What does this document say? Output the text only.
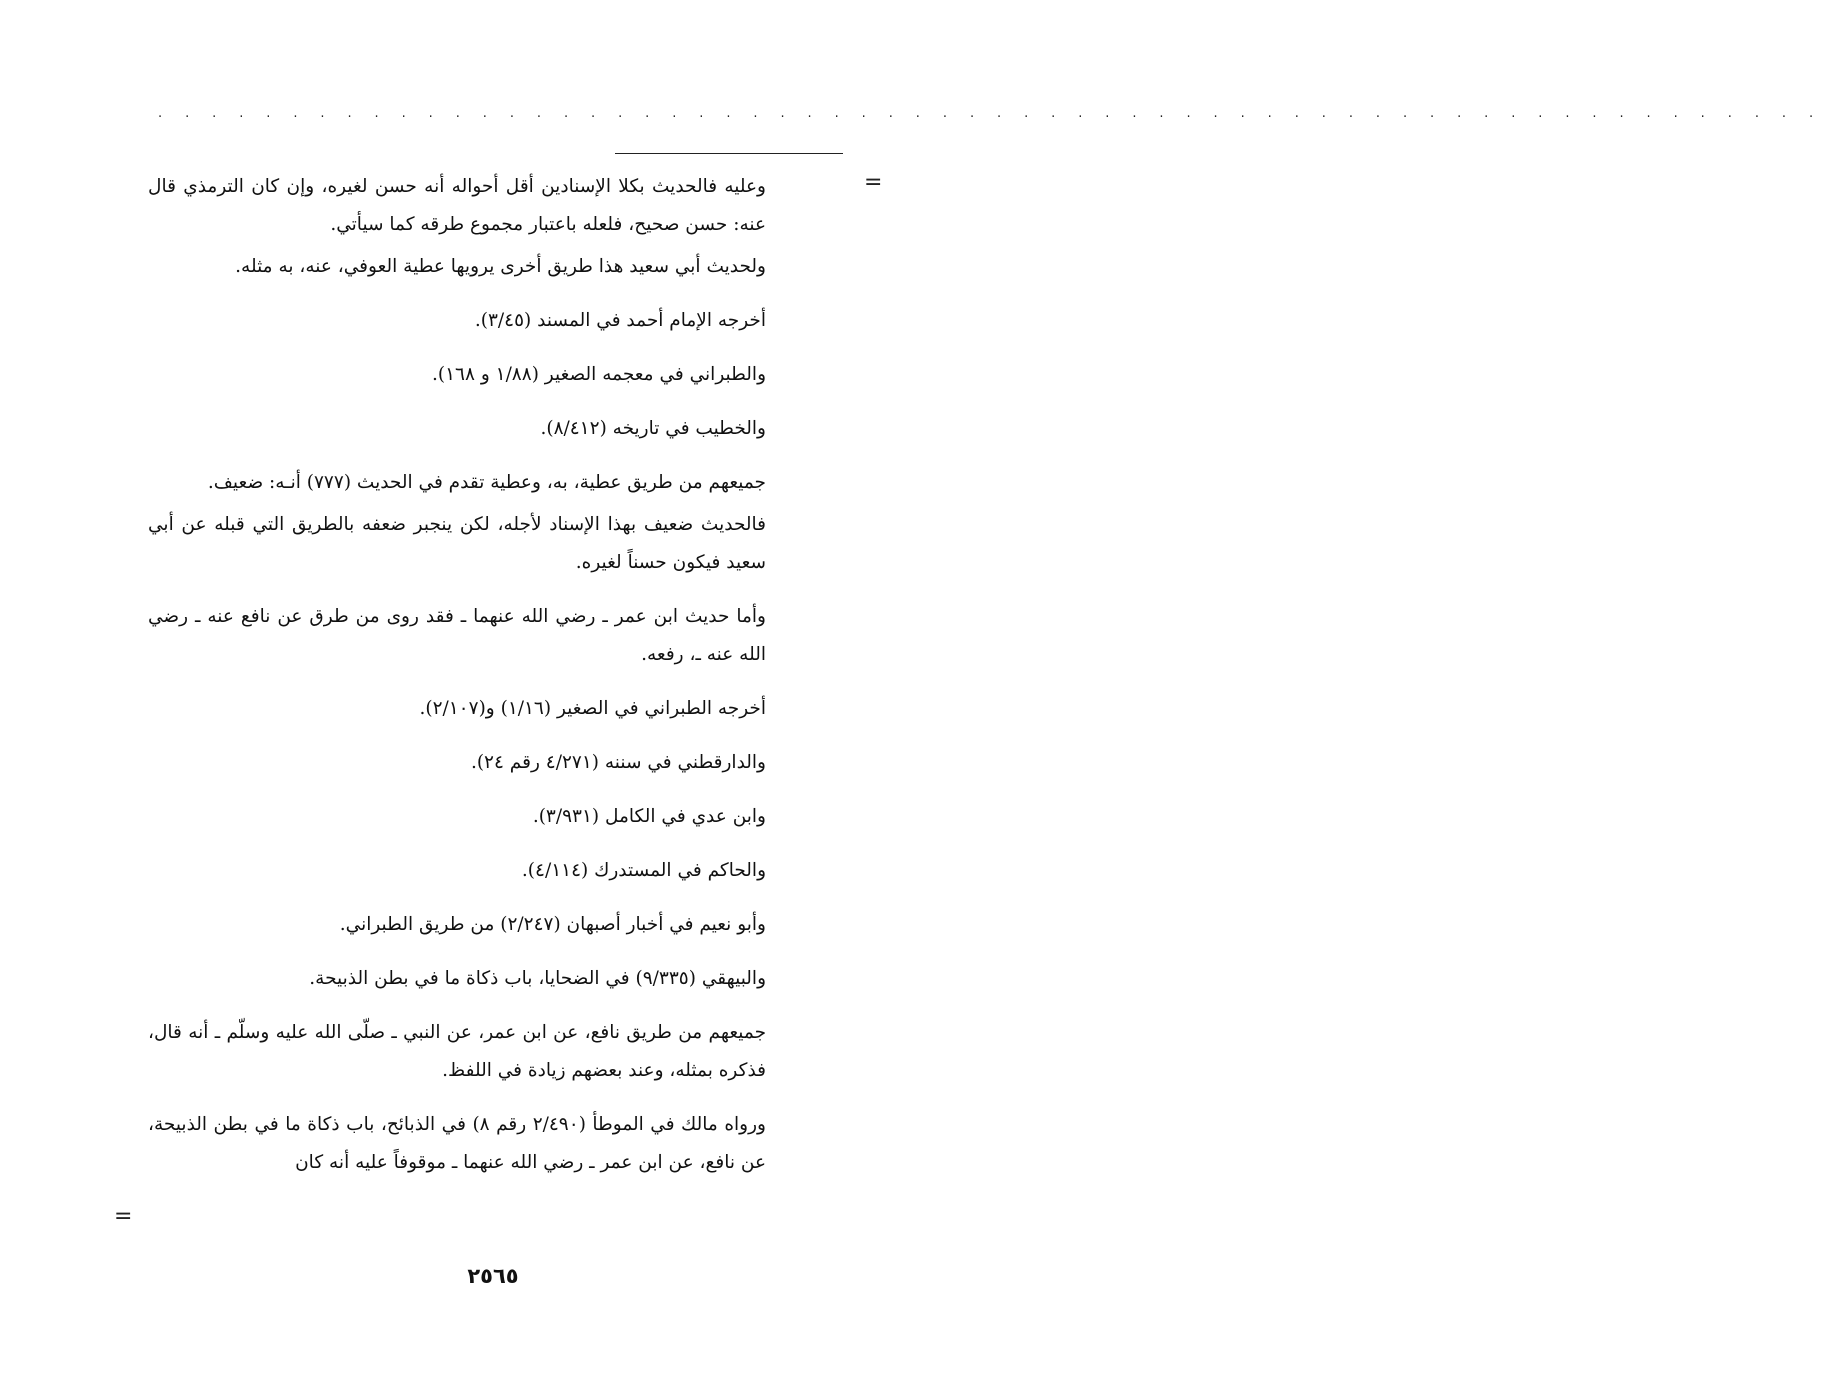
. . . . . . . . . . . . . . . . . . . . . . . . . . . . . . . . . . . . . . . . . . . . . . . . . . . . . . . . . . . . . .
=

وعليه فالحديث بكلا الإسنادين أقل أحواله أنه حسن لغيره، وإن كان الترمذي قال عنه: حسن صحيح، فلعله باعتبار مجموع طرقه كما سيأتي.

ولحديث أبي سعيد هذا طريق أخرى يرويها عطية العوفي، عنه، به مثله.

أخرجه الإمام أحمد في المسند (٣/٤٥).

والطبراني في معجمه الصغير (١/٨٨ و ١٦٨).

والخطيب في تاريخه (٨/٤١٢).

جميعهم من طريق عطية، به، وعطية تقدم في الحديث (٧٧٧) أنـه: ضعيف.

فالحديث ضعيف بهذا الإسناد لأجله، لكن ينجبر ضعفه بالطريق التي قبله عن أبي سعيد فيكون حسناً لغيره.

وأما حديث ابن عمر ـ رضي الله عنهما ـ فقد روى من طرق عن نافع عنه ـ رضي الله عنه ـ، رفعه.

أخرجه الطبراني في الصغير (١/١٦) و(٢/١٠٧).

والدارقطني في سننه (٤/٢٧١ رقم ٢٤).

وابن عدي في الكامل (٣/٩٣١).

والحاكم في المستدرك (٤/١١٤).

وأبو نعيم في أخبار أصبهان (٢/٢٤٧) من طريق الطبراني.

والبيهقي (٩/٣٣٥) في الضحايا، باب ذكاة ما في بطن الذبيحة.

جميعهم من طريق نافع، عن ابن عمر، عن النبي ـ صلّى الله عليه وسلّم ـ أنه قال، فذكره بمثله، وعند بعضهم زيادة في اللفظ.

ورواه مالك في الموطأ (٢/٤٩٠ رقم ٨) في الذبائح، باب ذكاة ما في بطن الذبيحة، عن نافع، عن ابن عمر ـ رضي الله عنهما ـ موقوفاً عليه أنه كان

=
٢٥٦٥
